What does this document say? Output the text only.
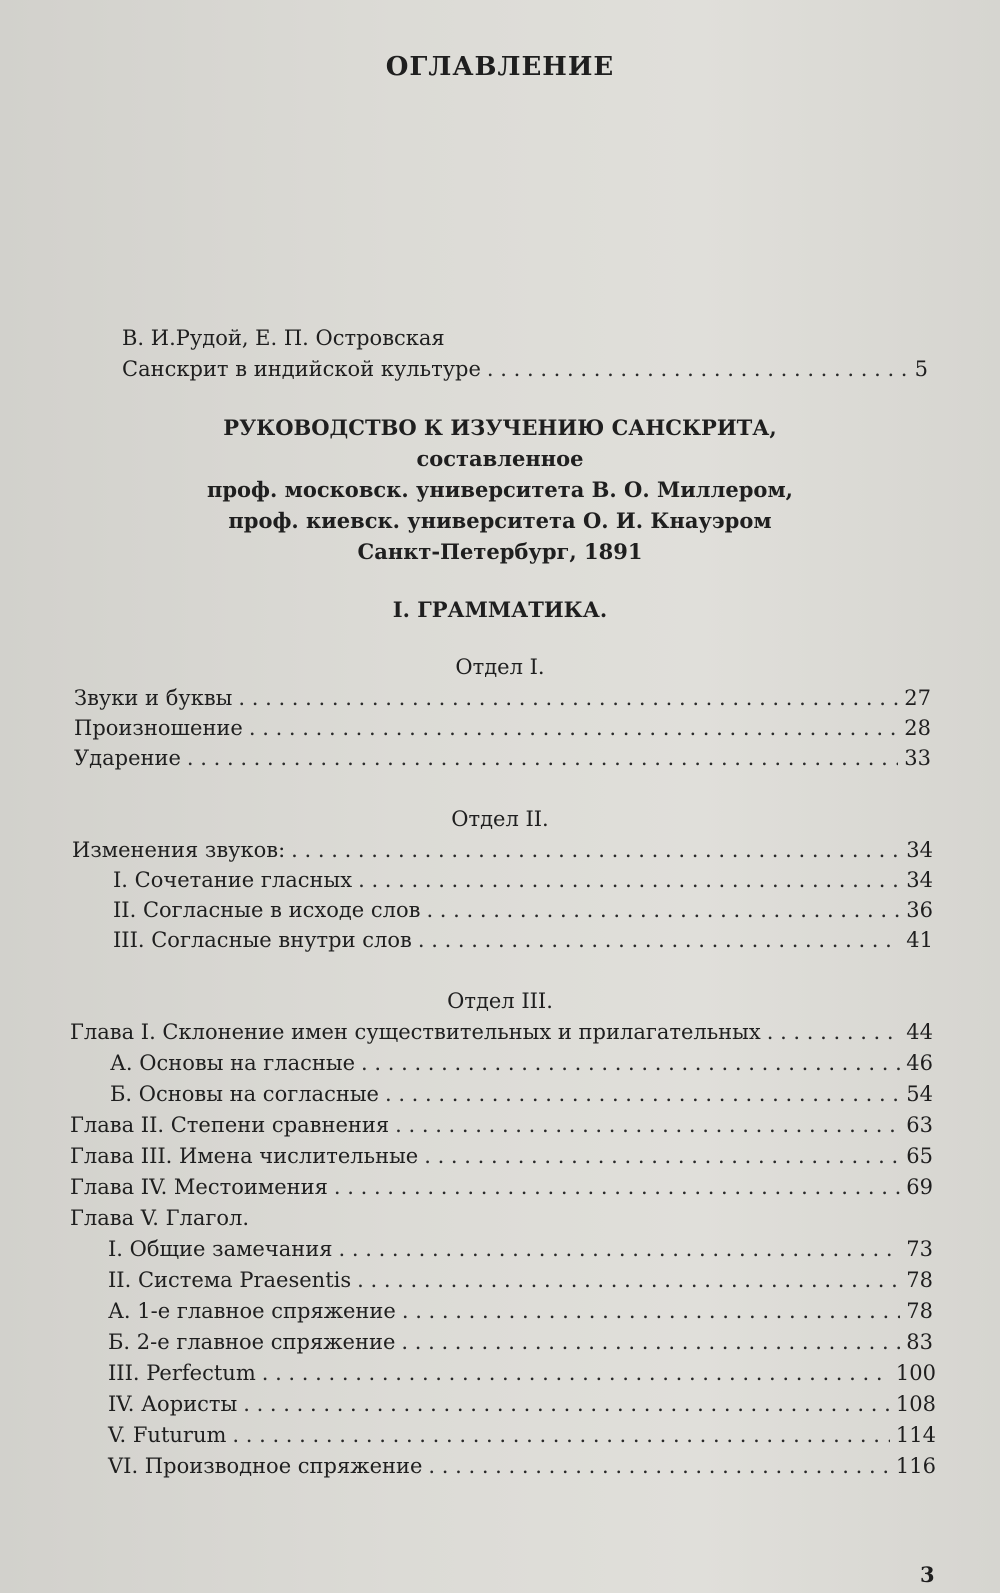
ОГЛАВЛЕНИЕ
В. И.Рудой, Е. П. Островская
Санскрит в индийской культуре . . .	5
РУКОВОДСТВО К ИЗУЧЕНИЮ САНСКРИТА,
составленное
проф. московск. университета В. О. Миллером,
проф. киевск. университета О. И. Кнауэром
Санкт-Петербург, 1891
I. ГРАММАТИКА.
Отдел I.
Звуки и буквы . . .	27
Произношение . . .	28
Ударение . . .	33
Отдел II.
Изменения звуков: . . .	34
I. Сочетание гласных . . .	34
II. Согласные в исходе слов . . .	36
III. Согласные внутри слов . . .	41
Отдел III.
Глава I. Склонение имен существительных и прилагательных . . .	44
А. Основы на гласные . . .	46
Б. Основы на согласные . . .	54
Глава II. Степени сравнения . . .	63
Глава III. Имена числительные . . .	65
Глава IV. Местоимения . . .	69
Глава V. Глагол.
I. Общие замечания . . .	73
II. Система Praesentis . . .	78
А. 1-е главное спряжение . . .	78
Б. 2-е главное спряжение . . .	83
III. Perfectum . . .	100
IV. Аористы . . .	108
V. Futurum . . .	114
VI. Производное спряжение . . .	116
3
